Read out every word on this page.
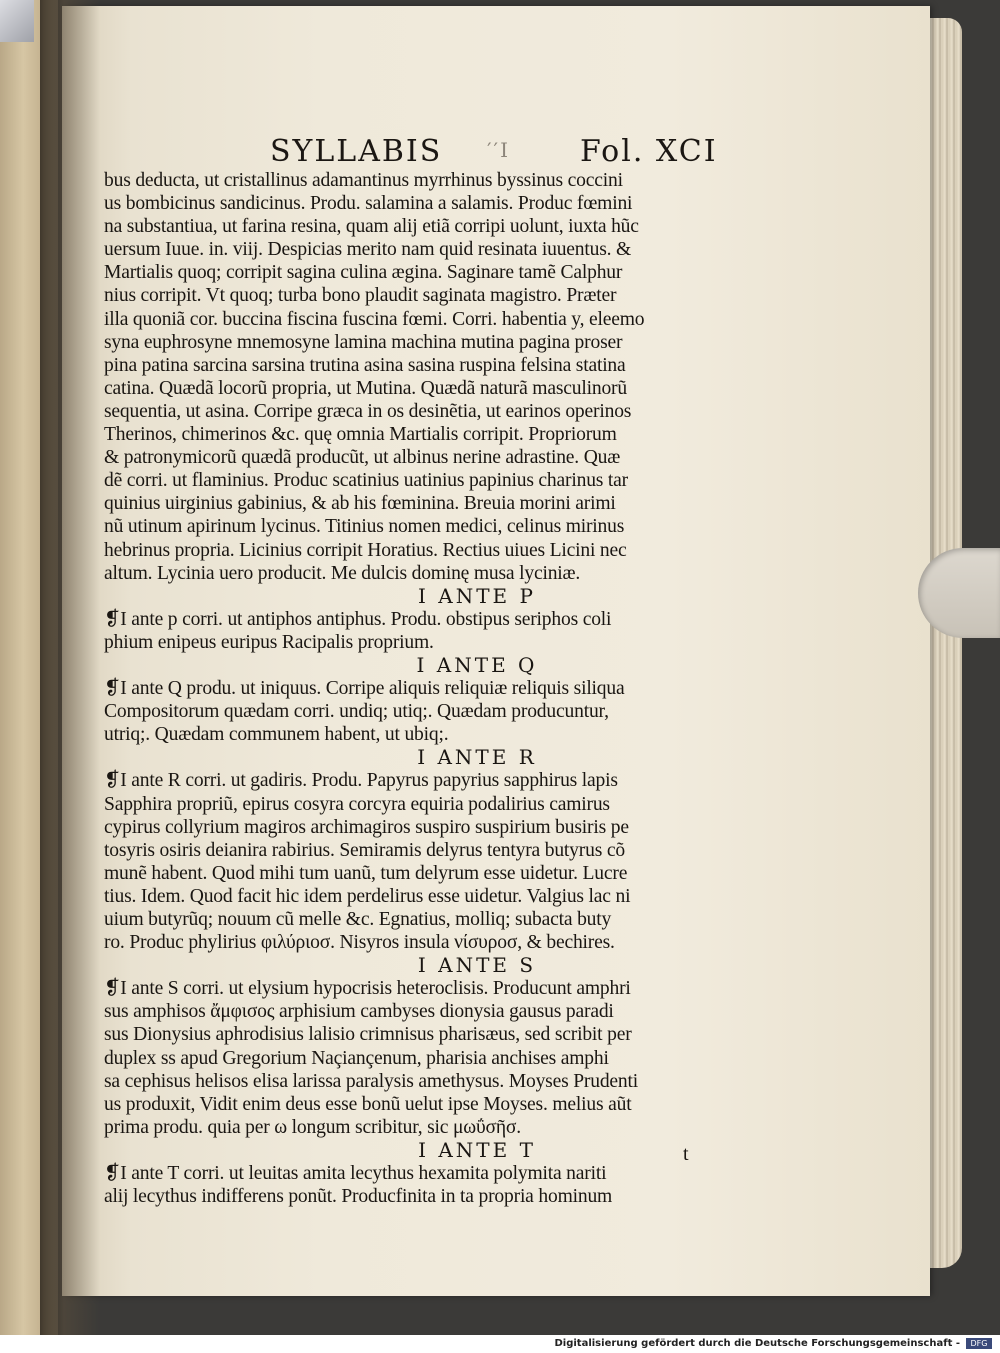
SYLLABIS ′′I Fol. XCI
bus deducta, ut cristallinus adamantinus myrrhinus byssinus coccini
us bombicinus sandicinus. Produ. salamina a salamis. Produc fœmini
na substantiua, ut farina resina, quam alij etiã corripi uolunt, iuxta hũc
uersum Iuue. in. viij. Despicias merito nam quid resinata iuuentus. &
Martialis quoq; corripit sagina culina ægina. Saginare tamẽ Calphur
nius corripit. Vt quoq; turba bono plaudit saginata magistro. Præter
illa quoniã cor. buccina fiscina fuscina fœmi. Corri. habentia y, eleemo
syna euphrosyne mnemosyne lamina machina mutina pagina proser
pina patina sarcina sarsina trutina asina sasina ruspina felsina statina
catina. Quædã locorũ propria, ut Mutina. Quædã naturã masculinorũ
sequentia, ut asina. Corripe græca in os desinẽtia, ut earinos operinos
Therinos, chimerinos &c. quę omnia Martialis corripit. Propriorum
& patronymicorũ quædã producũt, ut albinus nerine adrastine. Quæ
dẽ corri. ut flaminius. Produc scatinius uatinius papinius charinus tar
quinius uirginius gabinius, & ab his fœminina. Breuia morini arimi
nũ utinum apirinum lycinus. Titinius nomen medici, celinus mirinus
hebrinus propria. Licinius corripit Horatius. Rectius uiues Licini nec
altum. Lycinia uero producit. Me dulcis dominę musa lyciniæ.
I ANTE P
❡I ante p corri. ut antiphos antiphus. Produ. obstipus seriphos coli
phium enipeus euripus Racipalis proprium.
I ANTE Q
❡I ante Q produ. ut iniquus. Corripe aliquis reliquiæ reliquis siliqua
Compositorum quædam corri. undiq; utiq;. Quædam producuntur,
utriq;. Quædam communem habent, ut ubiq;.
I ANTE R
❡I ante R corri. ut gadiris. Produ. Papyrus papyrius sapphirus lapis
Sapphira propriũ, epirus cosyra corcyra equiria podalirius camirus
cypirus collyrium magiros archimagiros suspiro suspirium busiris pe
tosyris osiris deianira rabirius. Semiramis delyrus tentyra butyrus cõ
munẽ habent. Quod mihi tum uanũ, tum delyrum esse uidetur. Lucre
tius. Idem. Quod facit hic idem perdelirus esse uidetur. Valgius lac ni
uium butyrũq; nouum cũ melle &c. Egnatius, molliq; subacta buty
ro. Produc phylirius φιλύριοσ. Nisyros insula νίσυροσ, & bechires.
I ANTE S
❡I ante S corri. ut elysium hypocrisis heteroclisis. Producunt amphri
sus amphisos ἄμφισος arphisium cambyses dionysia gausus paradi
sus Dionysius aphrodisius lalisio crimnisus pharisæus, sed scribit per
duplex ss apud Gregorium Naçiançenum, pharisia anchises amphi
sa cephisus helisos elisa larissa paralysis amethysus. Moyses Prudenti
us produxit, Vidit enim deus esse bonũ uelut ipse Moyses. melius aũt
prima produ. quia per ω longum scribitur, sic μωΰσῆσ.
I ANTE T
❡I ante T corri. ut leuitas amita lecythus hexamita polymita nariti
alij lecythus indifferens ponũt. Producfinita in ta propria hominum
t
Digitalisierung gefördert durch die Deutsche Forschungsgemeinschaft -	DFG
